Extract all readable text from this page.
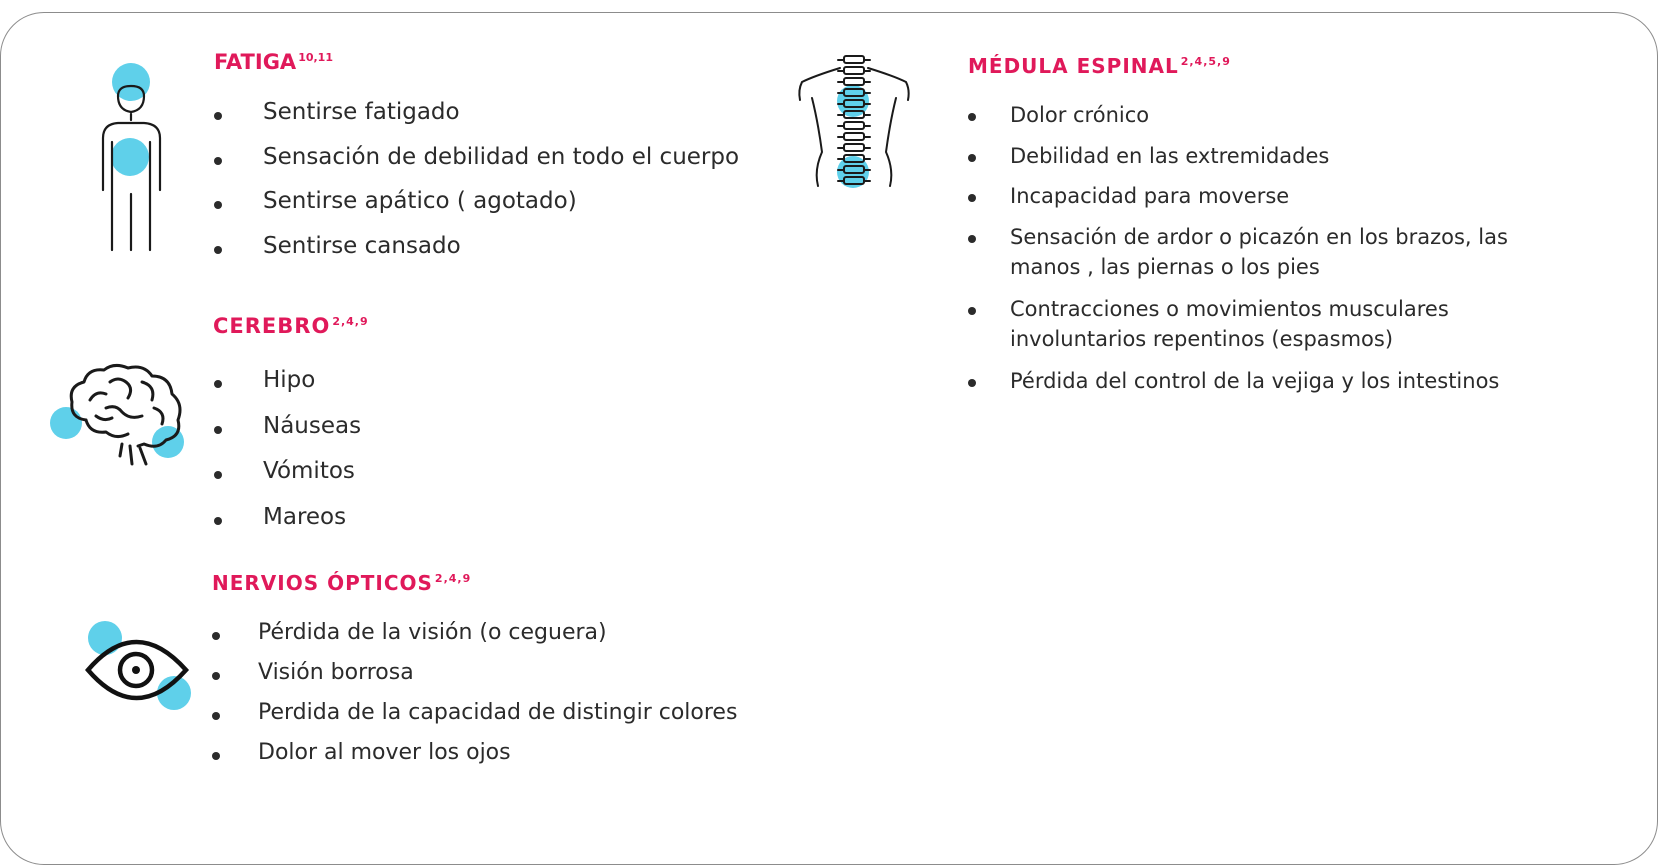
FATIGA $^{10,11}$
Sentirse fatigado
Sensación de debilidad en todo el cuerpo
Sentirse apático ( agotado)
Sentirse cansado
CEREBRO $^{2,4,9}$
Hipo
Náuseas
Vómitos
Mareos
NERVIOS ÓPTICOS $^{2,4,9}$
Pérdida de la visión (o ceguera)
Visión borrosa
Perdida de la capacidad de distingir colores
Dolor al mover los ojos
MÉDULA ESPINAL $^{2,4,5,9}$
Dolor crónico
Debilidad en las extremidades
Incapacidad para moverse
Sensación de ardor o picazón en los brazos, las
manos , las piernas o los pies
Contracciones o movimientos musculares
involuntarios repentinos (espasmos)
Pérdida del control de la vejiga y los intestinos
